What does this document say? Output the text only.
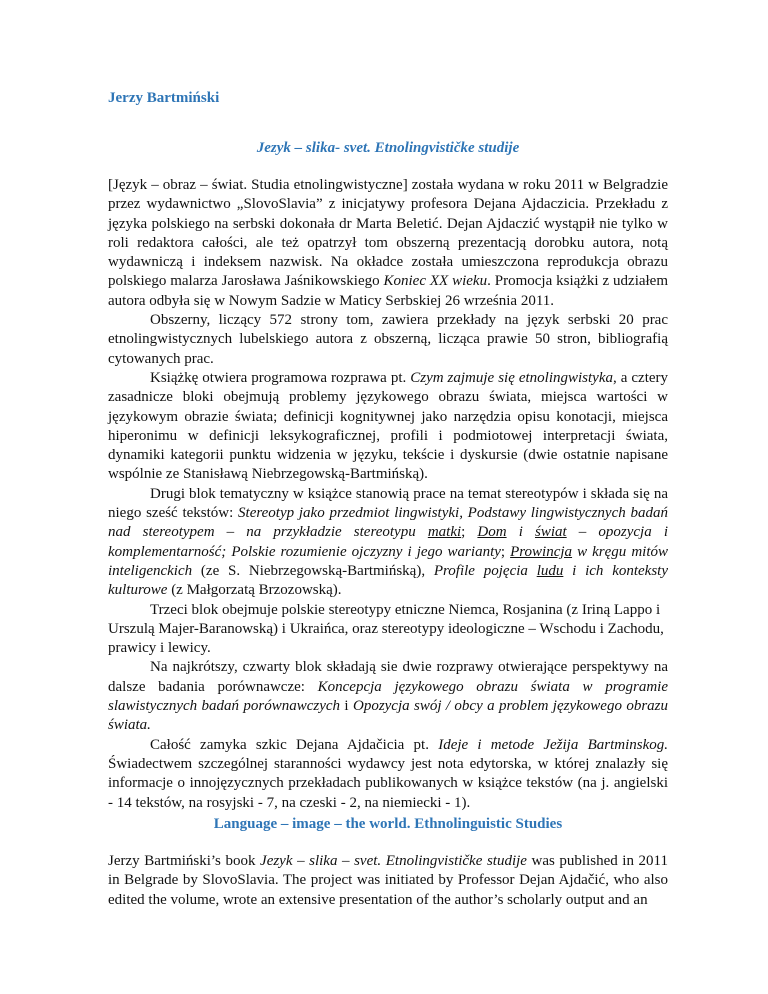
Jerzy Bartmiński

Jezyk – slika- svet. Etnolingvističke studije

[Język – obraz – świat. Studia etnolingwistyczne] została wydana w roku 2011 w Belgradzie przez wydawnictwo „SlovoSlavia” z inicjatywy profesora Dejana Ajdaczicia. Przekładu z języka polskiego na serbski dokonała dr Marta Beletić. Dejan Ajdaczić wystąpił nie tylko w roli redaktora całości, ale też opatrzył tom obszerną prezentacją dorobku autora, notą wydawniczą i indeksem nazwisk. Na okładce została umieszczona reprodukcja obrazu polskiego malarza Jarosława Jaśnikowskiego Koniec XX wieku. Promocja książki z udziałem autora odbyła się w Nowym Sadzie w Maticy Serbskiej 26 września 2011.

Obszerny, liczący 572 strony tom, zawiera przekłady na język serbski 20 prac etnolingwistycznych lubelskiego autora z obszerną, licząca prawie 50 stron, bibliografią cytowanych prac.

Książkę otwiera programowa rozprawa pt. Czym zajmuje się etnolingwistyka, a cztery zasadnicze bloki obejmują problemy językowego obrazu świata, miejsca wartości w językowym obrazie świata; definicji kognitywnej jako narzędzia opisu konotacji, miejsca hiperonimu w definicji leksykograficznej, profili i podmiotowej interpretacji świata, dynamiki kategorii punktu widzenia w języku, tekście i dyskursie (dwie ostatnie napisane wspólnie ze Stanisławą Niebrzegowską-Bartmińską).

Drugi blok tematyczny w książce stanowią prace na temat stereotypów i składa się na niego sześć tekstów: Stereotyp jako przedmiot lingwistyki, Podstawy lingwistycznych badań nad stereotypem – na przykładzie stereotypu matki; Dom i świat – opozycja i komplementarność; Polskie rozumienie ojczyzny i jego warianty; Prowincja w kręgu mitów inteligenckich (ze S. Niebrzegowską-Bartmińską), Profile pojęcia ludu i ich konteksty kulturowe (z Małgorzatą Brzozowską).

Trzeci blok obejmuje polskie stereotypy etniczne Niemca, Rosjanina (z Iriną Lappo i Urszulą Majer-Baranowską) i Ukraińca, oraz stereotypy ideologiczne – Wschodu i Zachodu, prawicy i lewicy.

Na najkrótszy, czwarty blok składają sie dwie rozprawy otwierające perspektywy na dalsze badania porównawcze: Koncepcja językowego obrazu świata w programie slawistycznych badań porównawczych i Opozycja swój / obcy a problem językowego obrazu świata.

Całość zamyka szkic Dejana Ajdačicia pt. Ideje i metode Ježija Bartminskog. Świadectwem szczególnej staranności wydawcy jest nota edytorska, w której znalazły się informacje o innojęzycznych przekładach publikowanych w książce tekstów (na j. angielski - 14 tekstów, na rosyjski - 7, na czeski - 2, na niemiecki - 1).

Language – image – the world. Ethnolinguistic Studies

Jerzy Bartmiński’s book Jezyk – slika – svet. Etnolingvističke studije was published in 2011 in Belgrade by SlovoSlavia. The project was initiated by Professor Dejan Ajdačić, who also edited the volume, wrote an extensive presentation of the author’s scholarly output and an
